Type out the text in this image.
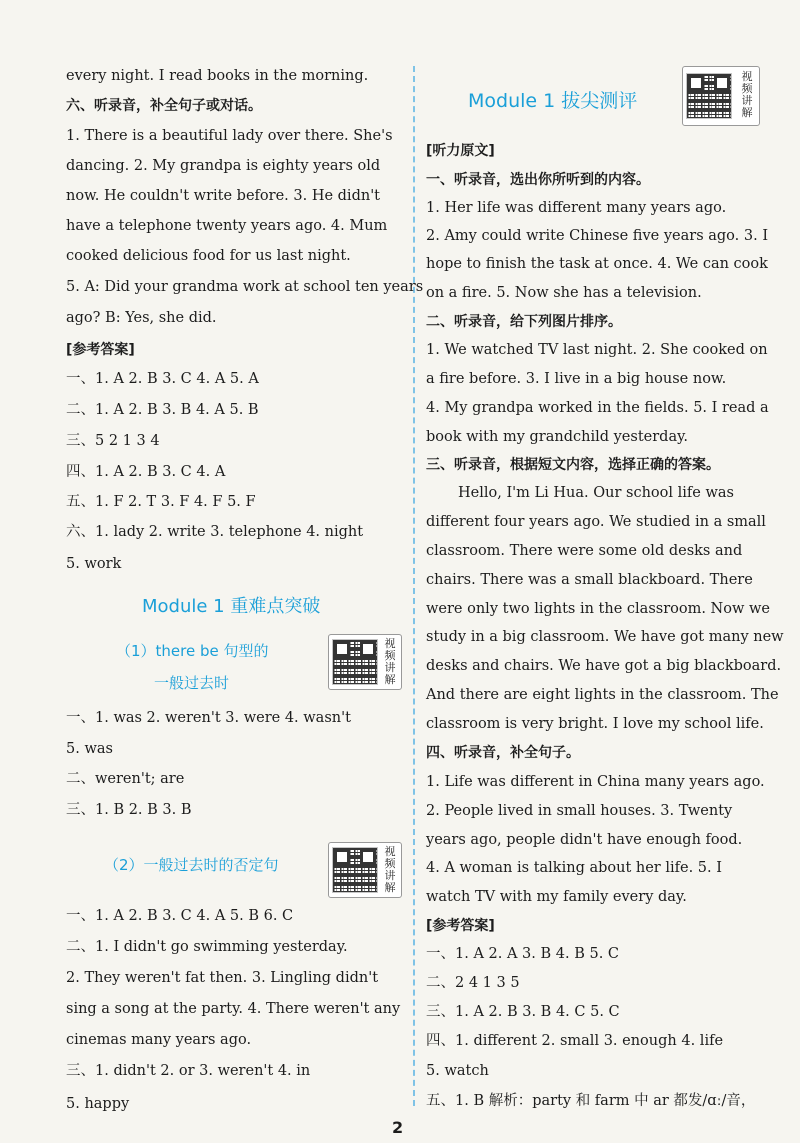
every night. I read books in the morning.
六、听录音，补全句子或对话。
1. There is a beautiful lady over there. She's
dancing. 2. My grandpa is eighty years old
now. He couldn't write before. 3. He didn't
have a telephone twenty years ago. 4. Mum
cooked delicious food for us last night.
5. A: Did your grandma work at school ten years
ago? B: Yes, she did.
[参考答案]
一、1. A 2. B 3. C 4. A 5. A
二、1. A 2. B 3. B 4. A 5. B
三、5 2 1 3 4
四、1. A 2. B 3. C 4. A
五、1. F 2. T 3. F 4. F 5. F
六、1. lady 2. write 3. telephone 4. night
5. work
Module 1 重难点突破
（1）there be 句型的
一般过去时
视频讲解
一、1. was 2. weren't 3. were 4. wasn't
5. was
二、weren't; are
三、1. B 2. B 3. B
（2）一般过去时的否定句
视频讲解
一、1. A 2. B 3. C 4. A 5. B 6. C
二、1. I didn't go swimming yesterday.
2. They weren't fat then. 3. Lingling didn't
sing a song at the party. 4. There weren't any
cinemas many years ago.
三、1. didn't 2. or 3. weren't 4. in
5. happy
Module 1 拔尖测评
视频讲解
[听力原文]
一、听录音，选出你所听到的内容。
1. Her life was different many years ago.
2. Amy could write Chinese five years ago. 3. I
hope to finish the task at once. 4. We can cook
on a fire. 5. Now she has a television.
二、听录音，给下列图片排序。
1. We watched TV last night. 2. She cooked on
a fire before. 3. I live in a big house now.
4. My grandpa worked in the fields. 5. I read a
book with my grandchild yesterday.
三、听录音，根据短文内容，选择正确的答案。
Hello, I'm Li Hua. Our school life was
different four years ago. We studied in a small
classroom. There were some old desks and
chairs. There was a small blackboard. There
were only two lights in the classroom. Now we
study in a big classroom. We have got many new
desks and chairs. We have got a big blackboard.
And there are eight lights in the classroom. The
classroom is very bright. I love my school life.
四、听录音，补全句子。
1. Life was different in China many years ago.
2. People lived in small houses. 3. Twenty
years ago, people didn't have enough food.
4. A woman is talking about her life. 5. I
watch TV with my family every day.
[参考答案]
一、1. A 2. A 3. B 4. B 5. C
二、2 4 1 3 5
三、1. A 2. B 3. B 4. C 5. C
四、1. different 2. small 3. enough 4. life
5. watch
五、1. B 解析：party 和 farm 中 ar 都发/ɑː/音，
2
